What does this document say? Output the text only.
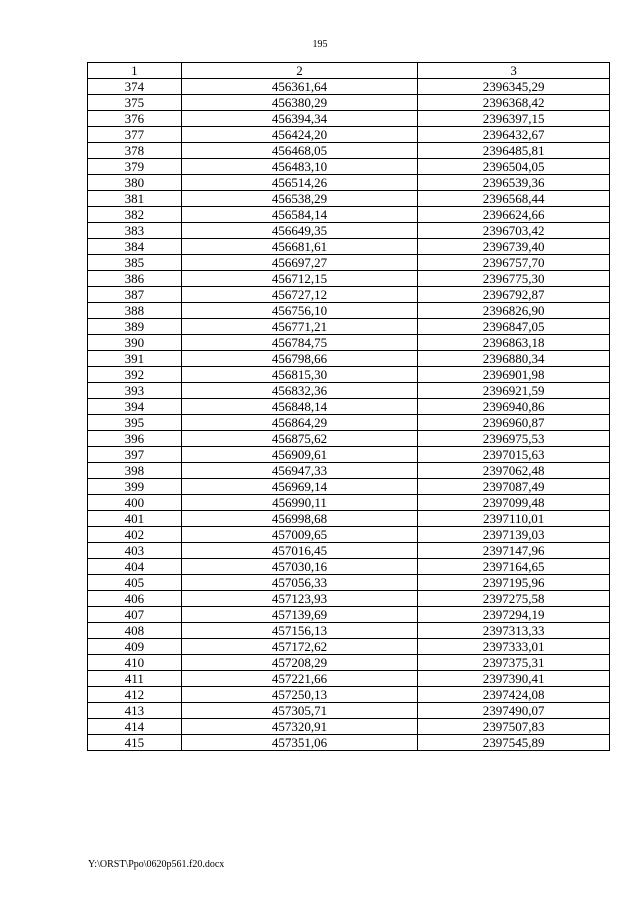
195
1	2	3
374	456361,64	2396345,29
375	456380,29	2396368,42
376	456394,34	2396397,15
377	456424,20	2396432,67
378	456468,05	2396485,81
379	456483,10	2396504,05
380	456514,26	2396539,36
381	456538,29	2396568,44
382	456584,14	2396624,66
383	456649,35	2396703,42
384	456681,61	2396739,40
385	456697,27	2396757,70
386	456712,15	2396775,30
387	456727,12	2396792,87
388	456756,10	2396826,90
389	456771,21	2396847,05
390	456784,75	2396863,18
391	456798,66	2396880,34
392	456815,30	2396901,98
393	456832,36	2396921,59
394	456848,14	2396940,86
395	456864,29	2396960,87
396	456875,62	2396975,53
397	456909,61	2397015,63
398	456947,33	2397062,48
399	456969,14	2397087,49
400	456990,11	2397099,48
401	456998,68	2397110,01
402	457009,65	2397139,03
403	457016,45	2397147,96
404	457030,16	2397164,65
405	457056,33	2397195,96
406	457123,93	2397275,58
407	457139,69	2397294,19
408	457156,13	2397313,33
409	457172,62	2397333,01
410	457208,29	2397375,31
411	457221,66	2397390,41
412	457250,13	2397424,08
413	457305,71	2397490,07
414	457320,91	2397507,83
415	457351,06	2397545,89
Y:\ORST\Ppo\0620p561.f20.docx
